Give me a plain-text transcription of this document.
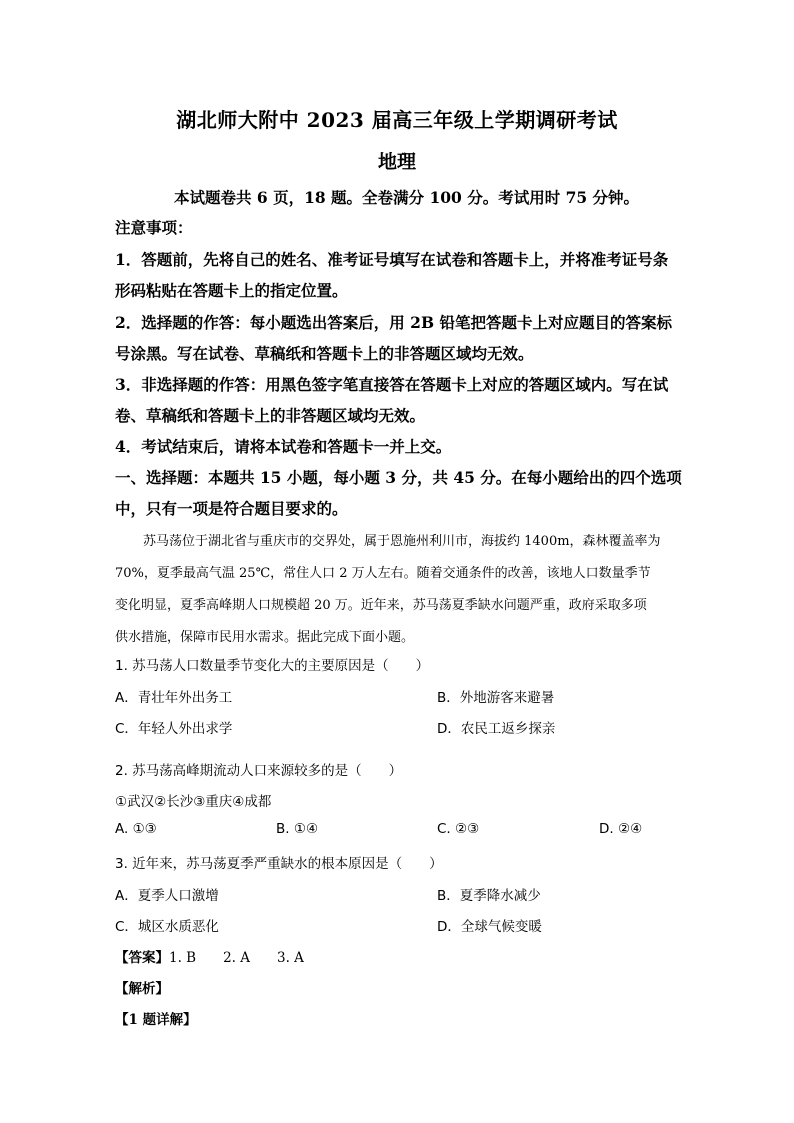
湖北师大附中 2023 届高三年级上学期调研考试
地理
本试题卷共 6 页，18 题。全卷满分 100 分。考试用时 75 分钟。
注意事项：
1．答题前，先将自己的姓名、准考证号填写在试卷和答题卡上，并将准考证号条
形码粘贴在答题卡上的指定位置。
2．选择题的作答：每小题选出答案后，用 2B 铅笔把答题卡上对应题目的答案标
号涂黑。写在试卷、草稿纸和答题卡上的非答题区域均无效。
3．非选择题的作答：用黑色签字笔直接答在答题卡上对应的答题区域内。写在试
卷、草稿纸和答题卡上的非答题区域均无效。
4．考试结束后，请将本试卷和答题卡一并上交。
一、选择题：本题共 15 小题，每小题 3 分，共 45 分。在每小题给出的四个选项
中，只有一项是符合题目要求的。
苏马荡位于湖北省与重庆市的交界处，属于恩施州利川市，海拔约 1400m，森林覆盖率为
70%，夏季最高气温 25℃，常住人口 2 万人左右。随着交通条件的改善，该地人口数量季节
变化明显，夏季高峰期人口规模超 20 万。近年来，苏马荡夏季缺水问题严重，政府采取多项
供水措施，保障市民用水需求。据此完成下面小题。
1. 苏马荡人口数量季节变化大的主要原因是（　　）
A．青壮年外出务工	B．外地游客来避暑
C．年轻人外出求学	D．农民工返乡探亲
2. 苏马荡高峰期流动人口来源较多的是（　　）
①武汉②长沙③重庆④成都
A. ①③	B. ①④	C. ②③	D. ②④
3. 近年来，苏马荡夏季严重缺水的根本原因是（　　）
A．夏季人口激增	B．夏季降水减少
C．城区水质恶化	D．全球气候变暖
【答案】1. B　　2. A　　3. A
【解析】
【1 题详解】
